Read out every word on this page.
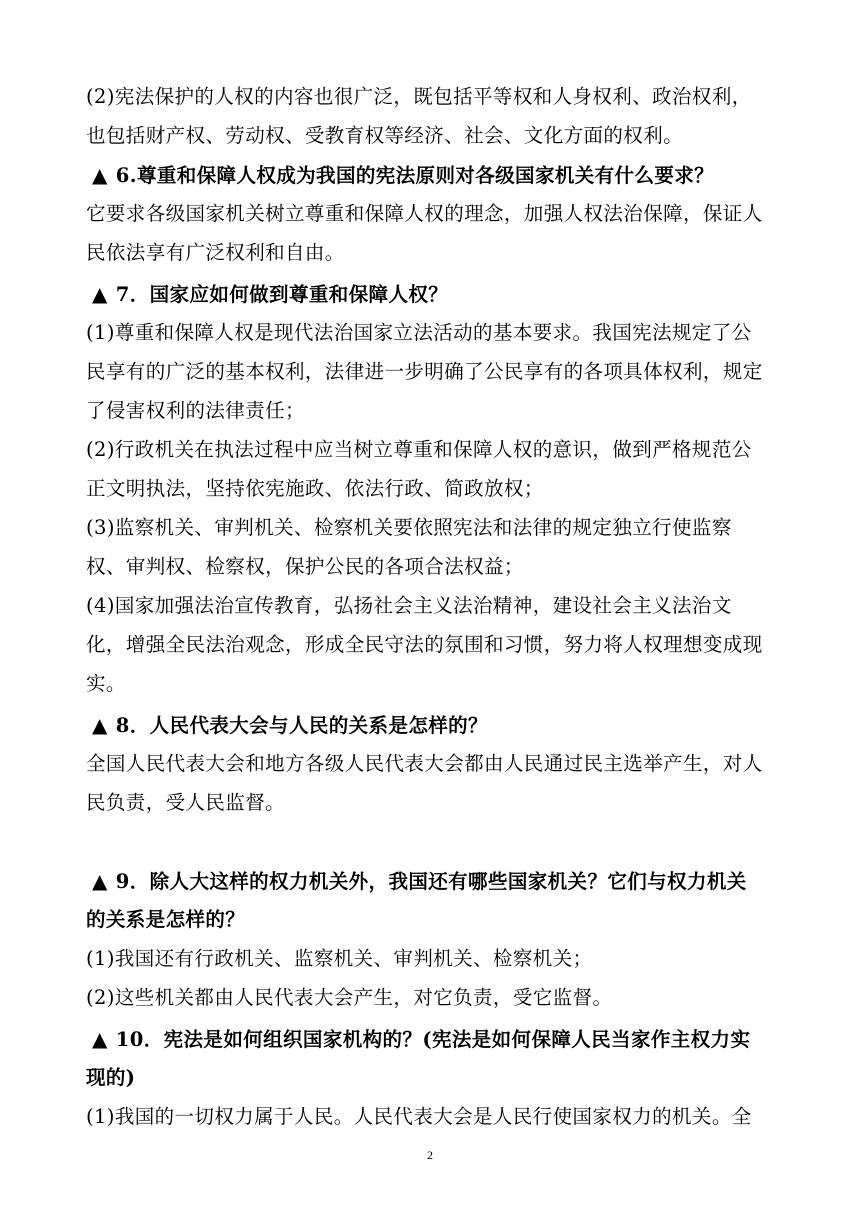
(2)宪法保护的人权的内容也很广泛，既包括平等权和人身权利、政治权利，
也包括财产权、劳动权、受教育权等经济、社会、文化方面的权利。
▲ 6.尊重和保障人权成为我国的宪法原则对各级国家机关有什么要求？
它要求各级国家机关树立尊重和保障人权的理念，加强人权法治保障，保证人
民依法享有广泛权利和自由。
▲ 7．国家应如何做到尊重和保障人权？
(1)尊重和保障人权是现代法治国家立法活动的基本要求。我国宪法规定了公
民享有的广泛的基本权利，法律进一步明确了公民享有的各项具体权利，规定
了侵害权利的法律责任；
(2)行政机关在执法过程中应当树立尊重和保障人权的意识，做到严格规范公
正文明执法，坚持依宪施政、依法行政、简政放权；
(3)监察机关、审判机关、检察机关要依照宪法和法律的规定独立行使监察
权、审判权、检察权，保护公民的各项合法权益；
(4)国家加强法治宣传教育，弘扬社会主义法治精神，建设社会主义法治文
化，增强全民法治观念，形成全民守法的氛围和习惯，努力将人权理想变成现
实。
▲ 8．人民代表大会与人民的关系是怎样的？
全国人民代表大会和地方各级人民代表大会都由人民通过民主选举产生，对人
民负责，受人民监督。
▲ 9．除人大这样的权力机关外，我国还有哪些国家机关？它们与权力机关
的关系是怎样的？
(1)我国还有行政机关、监察机关、审判机关、检察机关；
(2)这些机关都由人民代表大会产生，对它负责，受它监督。
▲ 10．宪法是如何组织国家机构的？(宪法是如何保障人民当家作主权力实
现的)
(1)我国的一切权力属于人民。人民代表大会是人民行使国家权力的机关。全
2
